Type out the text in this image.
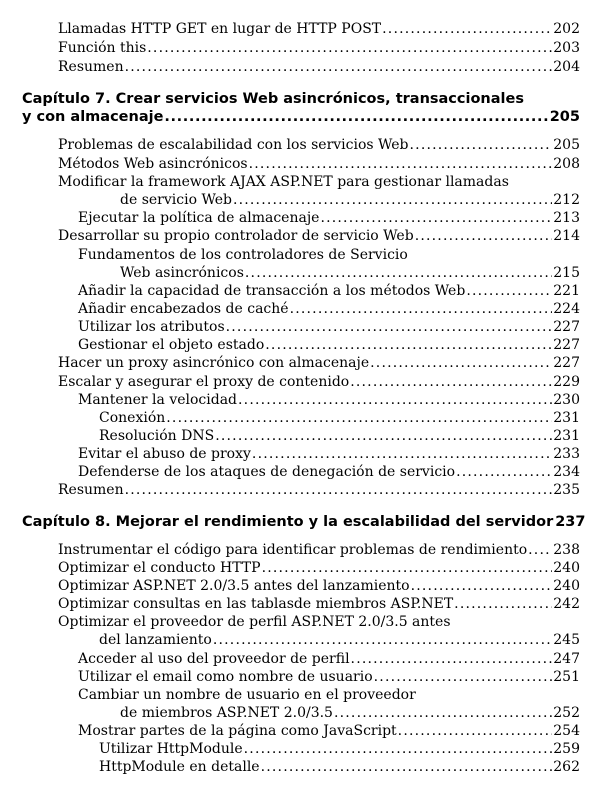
Llamadas HTTP GET en lugar de HTTP POST .....	202
Función this .....	203
Resumen .....	204
Capítulo 7. Crear servicios Web asincrónicos, transaccionales
y con almacenaje .....	205
Problemas de escalabilidad con los servicios Web .....	205
Métodos Web asincrónicos .....	208
Modificar la framework AJAX ASP.NET para gestionar llamadas
de servicio Web .....	212
Ejecutar la política de almacenaje .....	213
Desarrollar su propio controlador de servicio Web .....	214
Fundamentos de los controladores de Servicio
Web asincrónicos .....	215
Añadir la capacidad de transacción a los métodos Web .....	221
Añadir encabezados de caché .....	224
Utilizar los atributos .....	227
Gestionar el objeto estado .....	227
Hacer un proxy asincrónico con almacenaje .....	227
Escalar y asegurar el proxy de contenido .....	229
Mantener la velocidad .....	230
Conexión .....	231
Resolución DNS .....	231
Evitar el abuso de proxy .....	233
Defenderse de los ataques de denegación de servicio .....	234
Resumen .....	235
Capítulo 8. Mejorar el rendimiento y la escalabilidad del servidor 237
Instrumentar el código para identificar problemas de rendimiento ..... 238
Optimizar el conducto HTTP .....	240
Optimizar ASP.NET 2.0/3.5 antes del lanzamiento .....	240
Optimizar consultas en las tablasde miembros ASP.NET .....	242
Optimizar el proveedor de perfil ASP.NET 2.0/3.5 antes
del lanzamiento .....	245
Acceder al uso del proveedor de perfil .....	247
Utilizar el email como nombre de usuario .....	251
Cambiar un nombre de usuario en el proveedor
de miembros ASP.NET 2.0/3.5 .....	252
Mostrar partes de la página como JavaScript .....	254
Utilizar HttpModule .....	259
HttpModule en detalle .....	262
